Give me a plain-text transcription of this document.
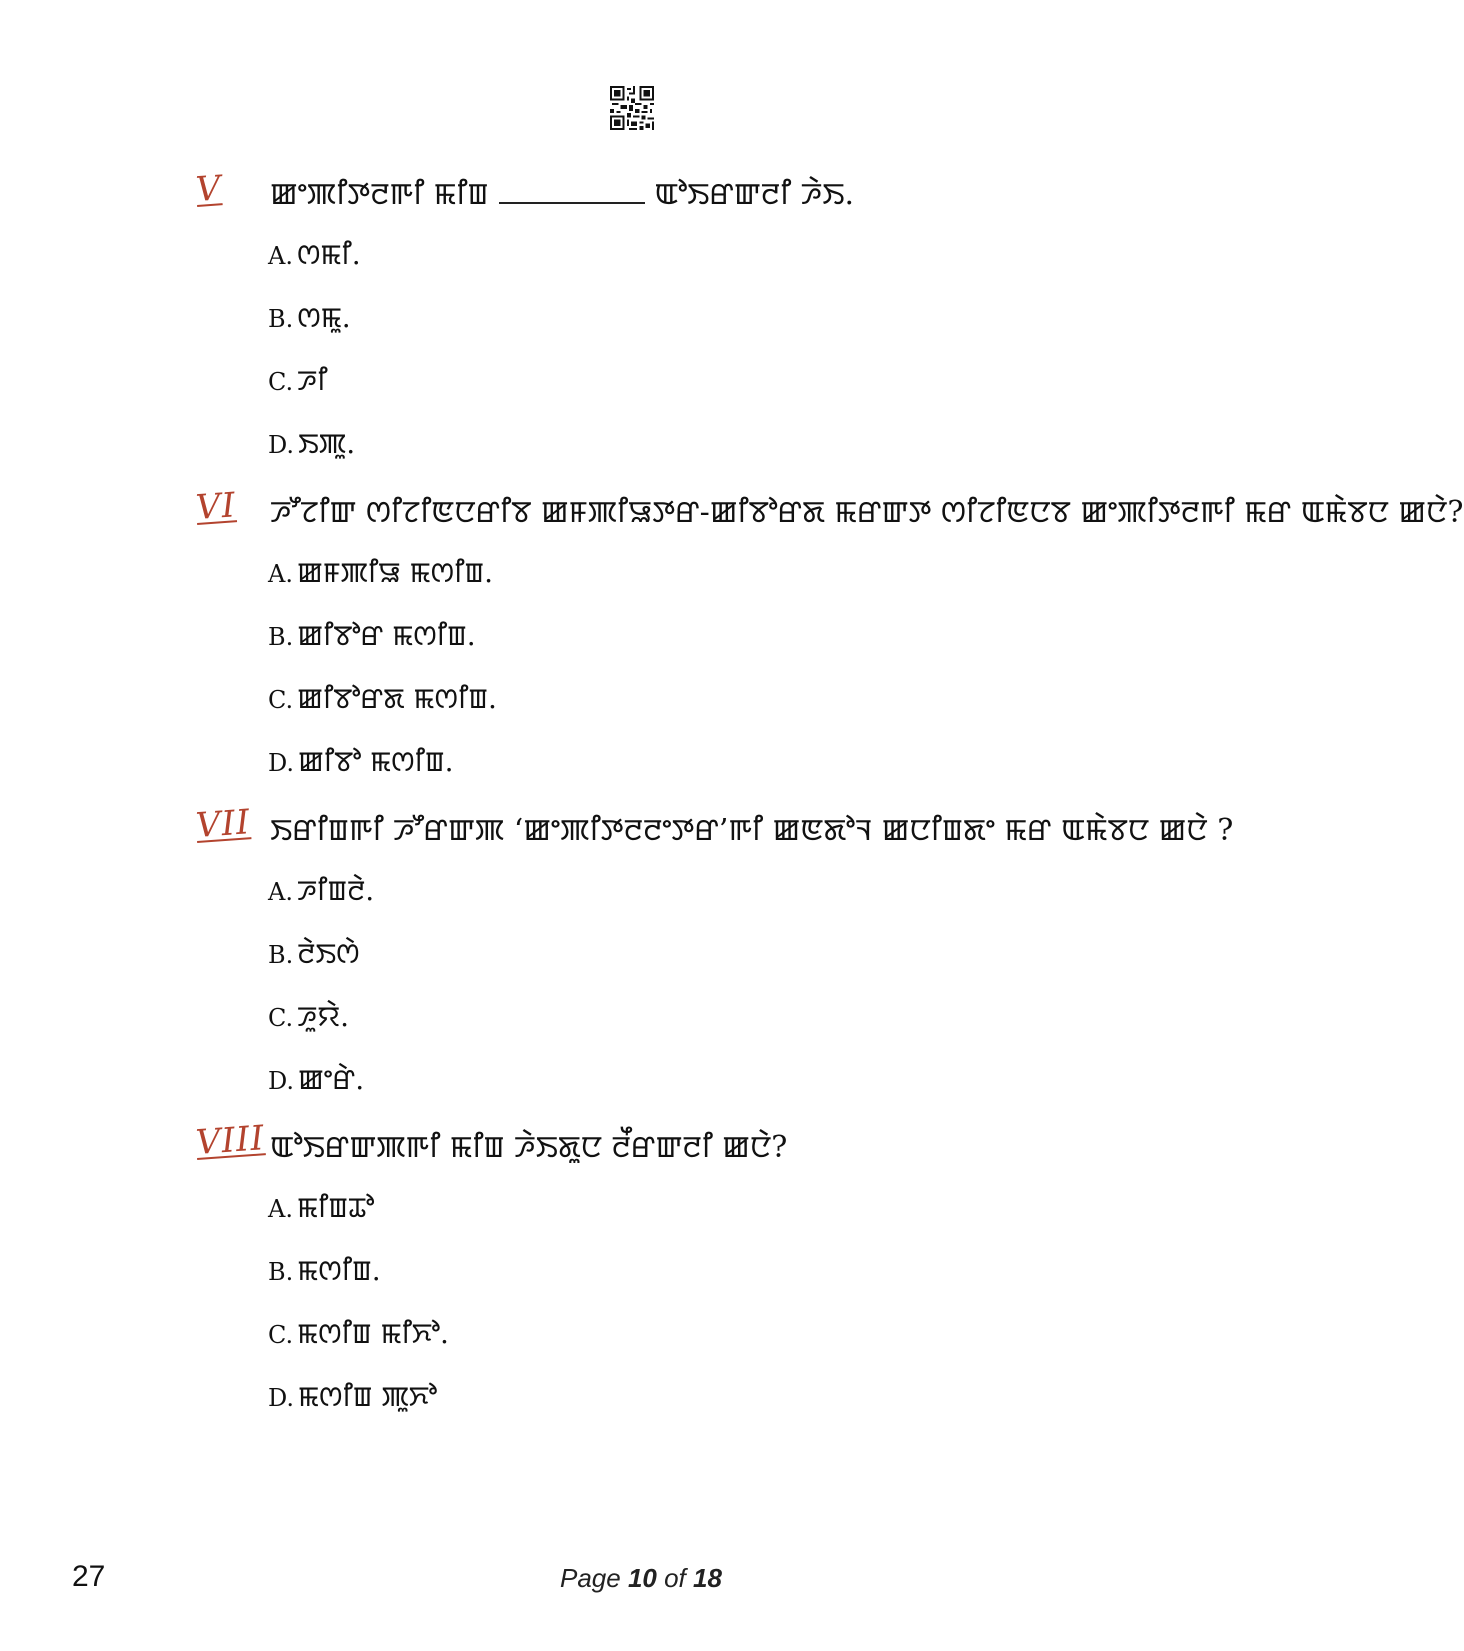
V ꯀꯦꯄꯤꯇꯂꯒꯤ ꯃꯤꯡ	ꯑꯣꯏꯔꯛꯂꯤ ꯍꯥꯏ.
A. ꯁꯃꯤ.
B. ꯁꯃꯨ.
C. ꯍꯤ
D. ꯏꯄꯨ.
VI ꯍꯧꯖꯤꯛ ꯁꯤꯖꯤꯟꯅꯔꯤꯕ ꯀꯝꯄꯤꯎꯇꯔ-ꯀꯤꯕꯣꯔꯗ ꯃꯔꯛꯇ ꯁꯤꯖꯤꯟꯅꯕ ꯀꯦꯄꯤꯇꯂꯒꯤ ꯃꯔ ꯑꯃꯥꯕꯅ ꯀꯅꯥ?
A. ꯀꯝꯄꯤꯎ ꯃꯁꯤꯡ.
B. ꯀꯤꯕꯣꯔ ꯃꯁꯤꯡ.
C. ꯀꯤꯕꯣꯔꯗ ꯃꯁꯤꯡ.
D. ꯀꯤꯕꯣ ꯃꯁꯤꯡ.
VII ꯏꯔꯤꯡꯒꯤ ꯍꯧꯔꯛꯄ ‘ꯀꯦꯄꯤꯇꯂꯂꯦꯇꯔ’ꯒꯤ ꯀꯟꯗꯣꯜ ꯀꯅꯤꯡꯗꯦ ꯃꯔ ꯑꯃꯥꯕꯅ ꯀꯅꯥ ?
A. ꯍꯤꯡꯂꯥ.
B. ꯂꯥꯏꯁꯥ
C. ꯍꯨꯌꯥ.
D. ꯀꯦꯔꯥ.
VIII ꯑꯣꯏꯔꯛꯄꯒꯤ ꯃꯤꯡ ꯍꯥꯏꯗꯨꯅ ꯂꯩꯔꯛꯂꯤ ꯀꯅꯥ?
A. ꯃꯤꯡꯊꯣ
B. ꯃꯁꯤꯡ.
C. ꯃꯁꯤꯡ ꯃꯤꯈꯣ.
D. ꯃꯁꯤꯡ ꯄꯨꯈꯣ
27	Page 10 of 18
